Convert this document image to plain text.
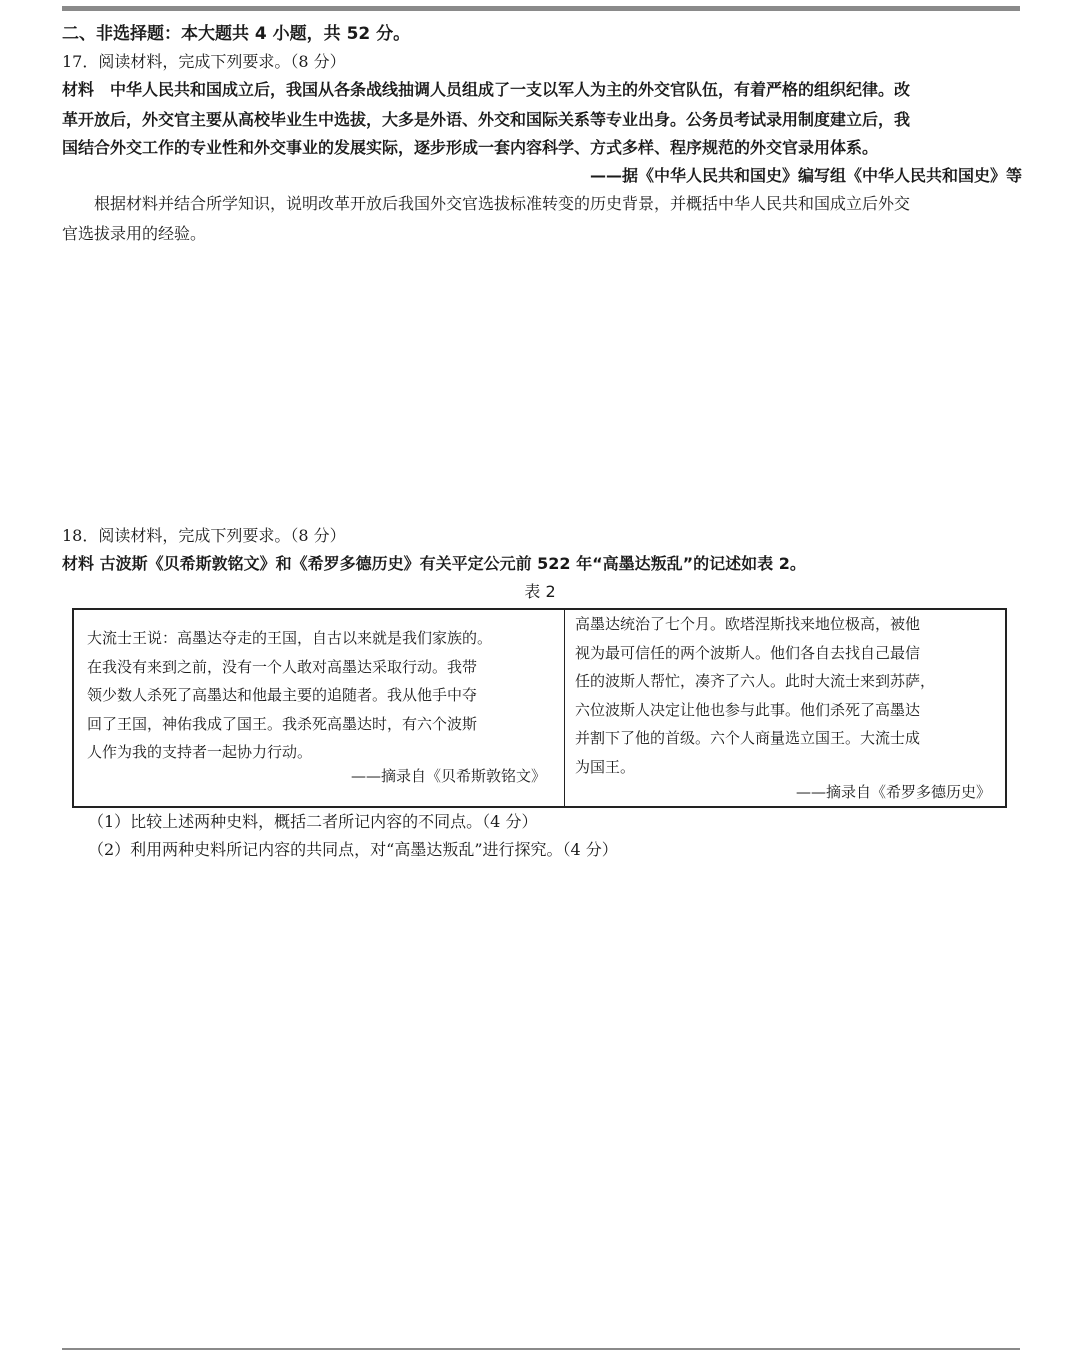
二、非选择题：本大题共 4 小题，共 52 分。
17．阅读材料，完成下列要求。（8 分）
材料　中华人民共和国成立后，我国从各条战线抽调人员组成了一支以军人为主的外交官队伍，有着严格的组织纪律。改
革开放后，外交官主要从高校毕业生中选拔，大多是外语、外交和国际关系等专业出身。公务员考试录用制度建立后，我
国结合外交工作的专业性和外交事业的发展实际，逐步形成一套内容科学、方式多样、程序规范的外交官录用体系。
——据《中华人民共和国史》编写组《中华人民共和国史》等
　　根据材料并结合所学知识，说明改革开放后我国外交官选拔标准转变的历史背景，并概括中华人民共和国成立后外交
官选拔录用的经验。
18．阅读材料，完成下列要求。（8 分）
材料 古波斯《贝希斯敦铭文》和《希罗多德历史》有关平定公元前 522 年“高墨达叛乱”的记述如表 2。
表 2

大流士王说：高墨达夺走的王国，自古以来就是我们家族的。

在我没有来到之前，没有一个人敢对高墨达采取行动。我带

领少数人杀死了高墨达和他最主要的追随者。我从他手中夺

回了王国，神佑我成了国王。我杀死高墨达时，有六个波斯

人作为我的支持者一起协力行动。

——摘录自《贝希斯敦铭文》

高墨达统治了七个月。欧塔涅斯找来地位极高，被他

视为最可信任的两个波斯人。他们各自去找自己最信

任的波斯人帮忙，凑齐了六人。此时大流士来到苏萨，

六位波斯人决定让他也参与此事。他们杀死了高墨达

并割下了他的首级。六个人商量选立国王。大流士成

为国王。

——摘录自《希罗多德历史》
（1）比较上述两种史料，概括二者所记内容的不同点。（4 分）
（2）利用两种史料所记内容的共同点，对“高墨达叛乱”进行探究。（4 分）
